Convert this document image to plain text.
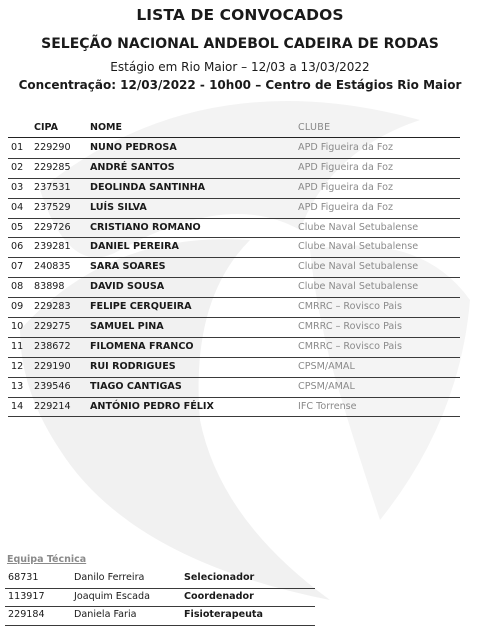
LISTA DE CONVOCADOS
SELEÇÃO NACIONAL ANDEBOL CADEIRA DE RODAS
Estágio em Rio Maior – 12/03 a 13/03/2022
Concentração: 12/03/2022 - 10h00 – Centro de Estágios Rio Maior
CIPA	NOME	CLUBE
01 229290 NUNO PEDROSA	APD Figueira da Foz
02 229285 ANDRÉ SANTOS	APD Figueira da Foz
03 237531 DEOLINDA SANTINHA	APD Figueira da Foz
04 237529 LUÍS SILVA	APD Figueira da Foz
05 229726 CRISTIANO ROMANO	Clube Naval Setubalense
06 239281 DANIEL PEREIRA	Clube Naval Setubalense
07 240835 SARA SOARES	Clube Naval Setubalense
08 83898	DAVID SOUSA	Clube Naval Setubalense
09 229283 FELIPE CERQUEIRA	CMRRC – Rovisco Pais
10 229275 SAMUEL PINA	CMRRC – Rovisco Pais
11 238672 FILOMENA FRANCO	CMRRC – Rovisco Pais
12 229190 RUI RODRIGUES	CPSM/AMAL
13 239546 TIAGO CANTIGAS	CPSM/AMAL
14 229214 ANTÓNIO PEDRO FÉLIX	IFC Torrense
Equipa Técnica
68731	Danilo Ferreira	Selecionador
113917	Joaquim Escada	Coordenador
229184	Daniela Faria	Fisioterapeuta
